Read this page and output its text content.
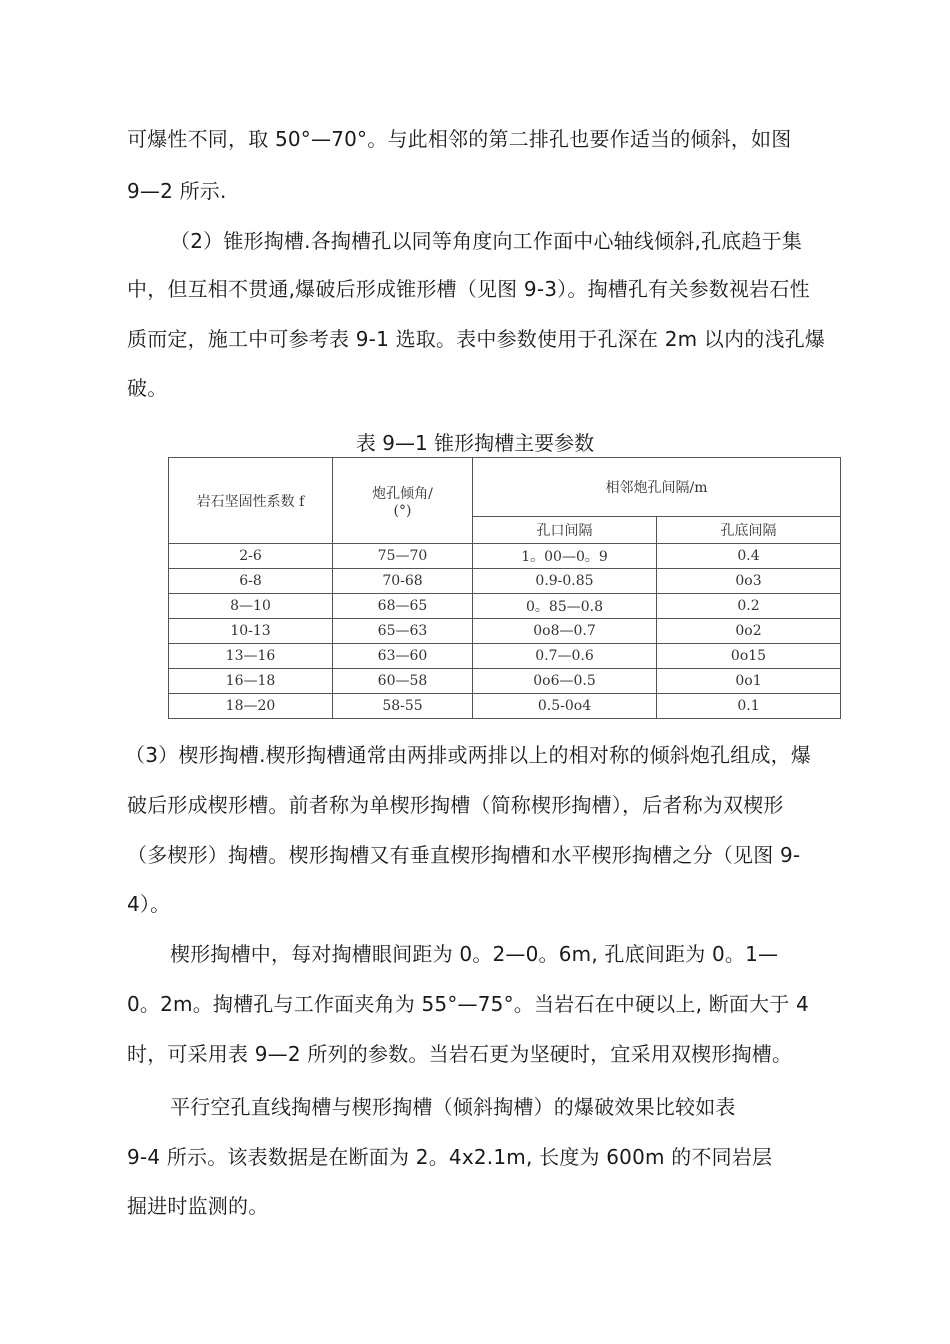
可爆性不同，取 50°—70°。与此相邻的第二排孔也要作适当的倾斜，如图
9—2 所示.
（2）锥形掏槽.各掏槽孔以同等角度向工作面中心轴线倾斜,孔底趋于集
中，但互相不贯通,爆破后形成锥形槽（见图 9-3）。掏槽孔有关参数视岩石性
质而定，施工中可参考表 9-1 选取。表中参数使用于孔深在 2m 以内的浅孔爆
破。
表 9—1 锥形掏槽主要参数
岩石坚固性系数 f	炮孔倾角/
(°)	相邻炮孔间隔/m	
		孔口间隔	孔底间隔
2-6	75—70	1。00—0。9	0.4
6-8	70-68	0.9-0.85	0o3
8—10	68—65	0。85—0.8	0.2
10-13	65—63	0o8—0.7	0o2
13—16	63—60	0.7—0.6	0o15
16—18	60—58	0o6—0.5	0o1
18—20	58-55	0.5-0o4	0.1
（3）楔形掏槽.楔形掏槽通常由两排或两排以上的相对称的倾斜炮孔组成，爆
破后形成楔形槽。前者称为单楔形掏槽（简称楔形掏槽），后者称为双楔形
（多楔形）掏槽。楔形掏槽又有垂直楔形掏槽和水平楔形掏槽之分（见图 9-
4）。
楔形掏槽中，每对掏槽眼间距为 0。2—0。6m, 孔底间距为 0。1—
0。2m。掏槽孔与工作面夹角为 55°—75°。当岩石在中硬以上, 断面大于 4
时，可采用表 9—2 所列的参数。当岩石更为坚硬时，宜采用双楔形掏槽。
平行空孔直线掏槽与楔形掏槽（倾斜掏槽）的爆破效果比较如表
9-4 所示。该表数据是在断面为 2。4x2.1m, 长度为 600m 的不同岩层
掘进时监测的。
